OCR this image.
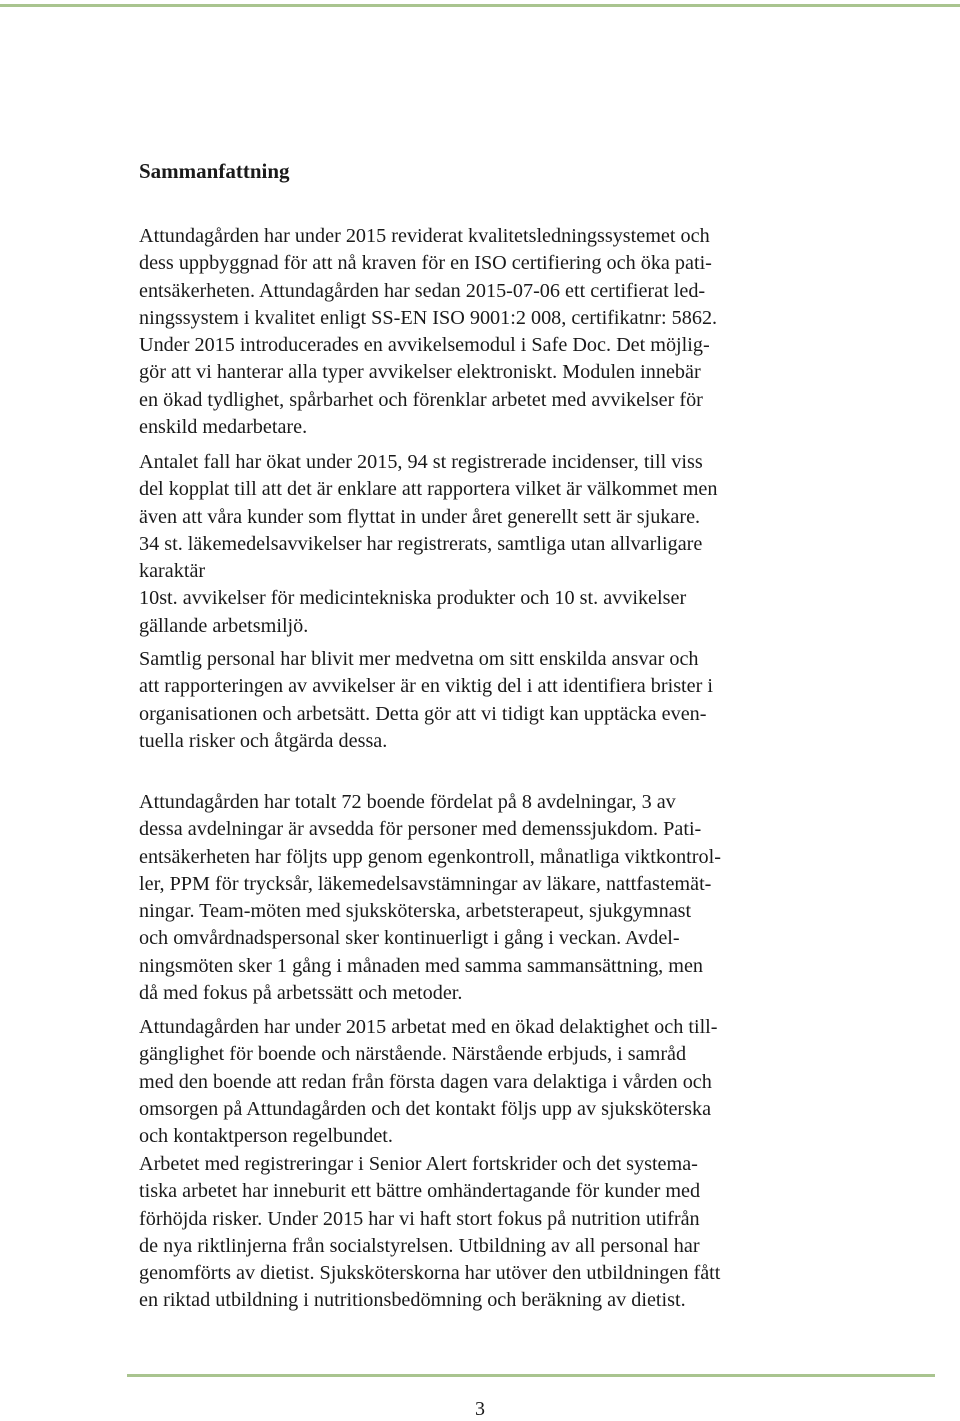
Sammanfattning
Attundagården har under 2015 reviderat kvalitetsledningssystemet och
dess uppbyggnad för att nå kraven för en ISO certifiering och öka pati-
entsäkerheten. Attundagården har sedan 2015-07-06 ett certifierat led-
ningssystem i kvalitet enligt SS-EN ISO 9001:2 008, certifikatnr: 5862.
Under 2015 introducerades en avvikelsemodul i Safe Doc. Det möjlig-
gör att vi hanterar alla typer avvikelser elektroniskt. Modulen innebär
en ökad tydlighet, spårbarhet och förenklar arbetet med avvikelser för
enskild medarbetare.
Antalet fall har ökat under 2015, 94 st registrerade incidenser, till viss
del kopplat till att det är enklare att rapportera vilket är välkommet men
även att våra kunder som flyttat in under året generellt sett är sjukare.
34 st. läkemedelsavvikelser har registrerats, samtliga utan allvarligare
karaktär
10st. avvikelser för medicintekniska produkter och 10 st. avvikelser
gällande arbetsmiljö.
Samtlig personal har blivit mer medvetna om sitt enskilda ansvar och
att rapporteringen av avvikelser är en viktig del i att identifiera brister i
organisationen och arbetsätt. Detta gör att vi tidigt kan upptäcka even-
tuella risker och åtgärda dessa.
Attundagården har totalt 72 boende fördelat på 8 avdelningar, 3 av
dessa avdelningar är avsedda för personer med demenssjukdom. Pati-
entsäkerheten har följts upp genom egenkontroll, månatliga viktkontrol-
ler, PPM för trycksår, läkemedelsavstämningar av läkare, nattfastemät-
ningar. Team-möten med sjuksköterska, arbetsterapeut, sjukgymnast
och omvårdnadspersonal sker kontinuerligt i gång i veckan. Avdel-
ningsmöten sker 1 gång i månaden med samma sammansättning, men
då med fokus på arbetssätt och metoder.
Attundagården har under 2015 arbetat med en ökad delaktighet och till-
gänglighet för boende och närstående. Närstående erbjuds, i samråd
med den boende att redan från första dagen vara delaktiga i vården och
omsorgen på Attundagården och det kontakt följs upp av sjuksköterska
och kontaktperson regelbundet.
Arbetet med registreringar i Senior Alert fortskrider och det systema-
tiska arbetet har inneburit ett bättre omhändertagande för kunder med
förhöjda risker. Under 2015 har vi haft stort fokus på nutrition utifrån
de nya riktlinjerna från socialstyrelsen. Utbildning av all personal har
genomförts av dietist. Sjuksköterskorna har utöver den utbildningen fått
en riktad utbildning i nutritionsbedömning och beräkning av dietist.
3
